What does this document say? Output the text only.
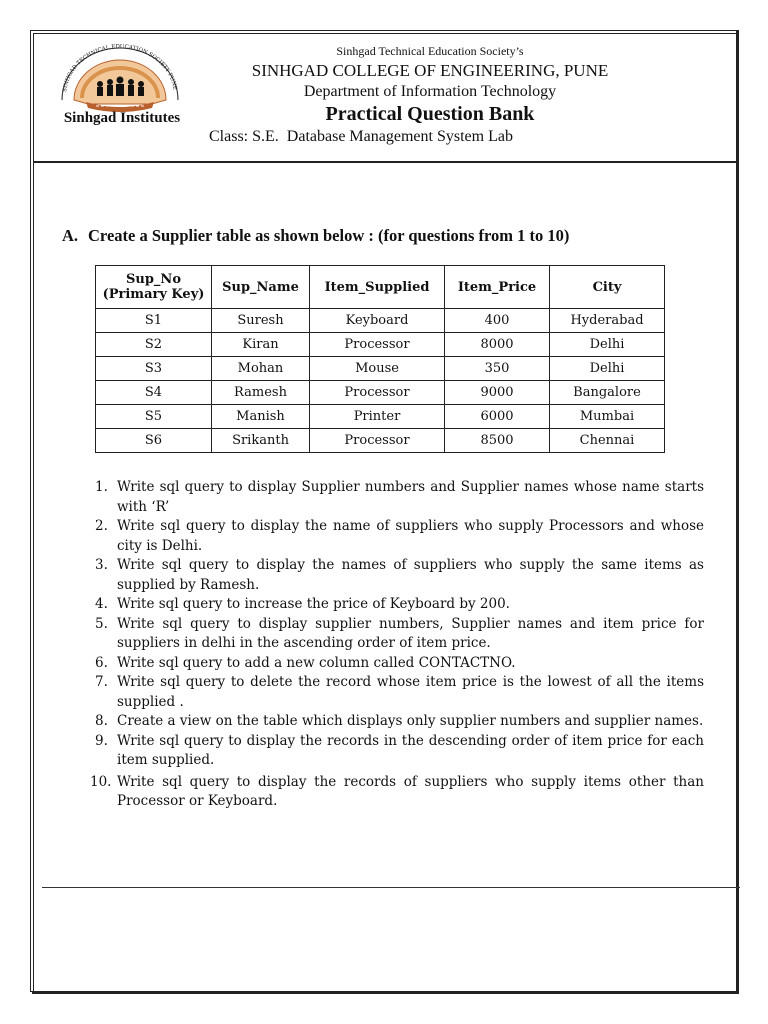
SINHGAD TECHNICAL EDUCATION SOCIETY PUNE
Sinhgad Institutes
Sinhgad Technical Education Society’s
SINHGAD COLLEGE OF ENGINEERING, PUNE
Department of Information Technology
Practical Question Bank
Class: S.E. Database Management System Lab
A. Create a Supplier table as shown below : (for questions from 1 to 10)
Sup_No
(Primary Key)	Sup_Name	Item_Supplied	Item_Price	City
S1	Suresh	Keyboard	400	Hyderabad
S2	Kiran	Processor	8000	Delhi
S3	Mohan	Mouse	350	Delhi
S4	Ramesh	Processor	9000	Bangalore
S5	Manish	Printer	6000	Mumbai
S6	Srikanth	Processor	8500	Chennai
1. Write sql query to display Supplier numbers and Supplier names whose name starts with ‘R’
2. Write sql query to display the name of suppliers who supply Processors and whose city is Delhi.
3. Write sql query to display the names of suppliers who supply the same items as supplied by Ramesh.
4. Write sql query to increase the price of Keyboard by 200.
5. Write sql query to display supplier numbers, Supplier names and item price for suppliers in delhi in the ascending order of item price.
6. Write sql query to add a new column called CONTACTNO.
7. Write sql query to delete the record whose item price is the lowest of all the items supplied .
8. Create a view on the table which displays only supplier numbers and supplier names.
9. Write sql query to display the records in the descending order of item price for each item supplied.
10. Write sql query to display the records of suppliers who supply items other than Processor or Keyboard.
